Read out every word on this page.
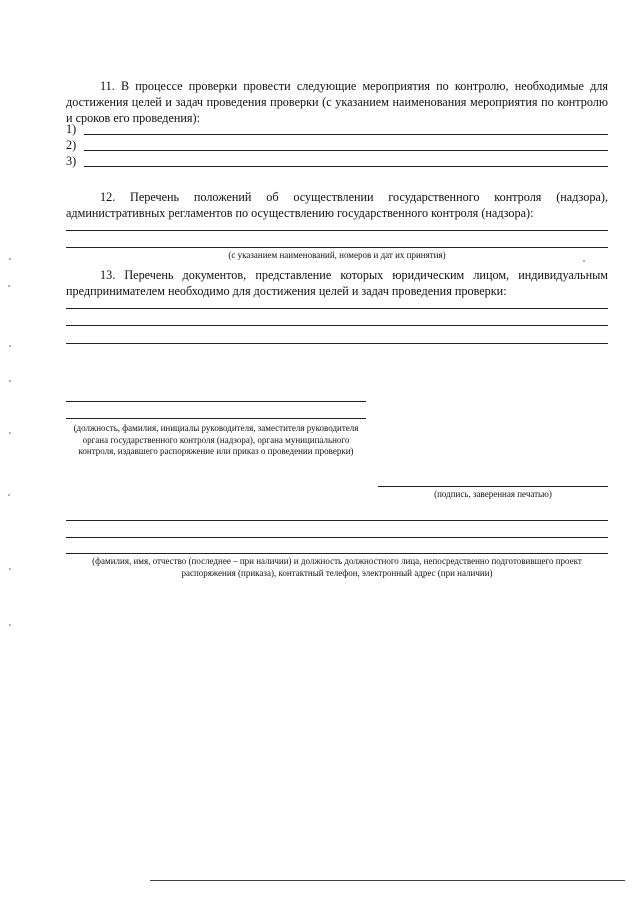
11. В процессе проверки провести следующие мероприятия по контролю, необходимые для достижения целей и задач проведения проверки (с указанием наименования мероприятия по контролю и сроков его проведения):
1)
2)
3)
12. Перечень положений об осуществлении государственного контроля (надзора), административных регламентов по осуществлению государственного контроля (надзора):
(с указанием наименований, номеров и дат их принятия)
13. Перечень документов, представление которых юридическим лицом, индивидуальным предпринимателем необходимо для достижения целей и задач проведения проверки:
(должность, фамилия, инициалы руководителя, заместителя руководителя органа государственного контроля (надзора), органа муниципального контроля, издавшего распоряжение или приказ о проведении проверки)
(подпись, заверенная печатью)
(фамилия, имя, отчество (последнее – при наличии) и должность должностного лица, непосредственно подготовившего проект распоряжения (приказа), контактный телефон, электронный адрес (при наличии)
